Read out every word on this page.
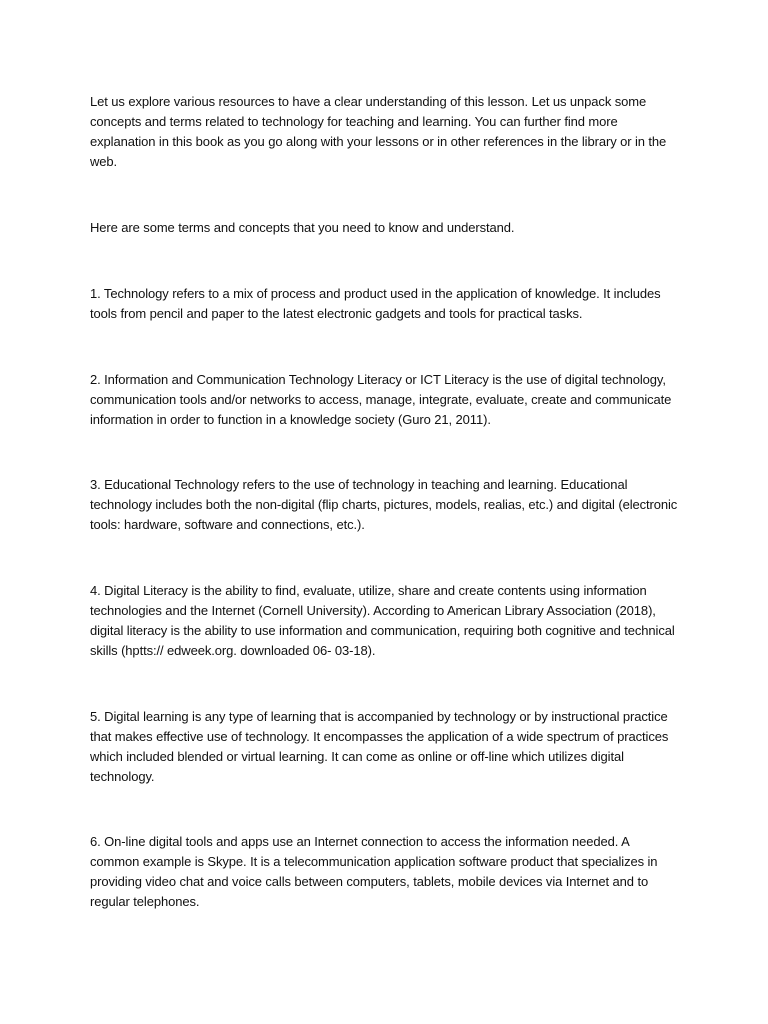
Let us explore various resources to have a clear understanding of this lesson. Let us unpack some concepts and terms related to technology for teaching and learning. You can further find more explanation in this book as you go along with your lessons or in other references in the library or in the web.

Here are some terms and concepts that you need to know and understand.

1. Technology refers to a mix of process and product used in the application of knowledge. It includes tools from pencil and paper to the latest electronic gadgets and tools for practical tasks.

2. Information and Communication Technology Literacy or ICT Literacy is the use of digital technology, communication tools and/or networks to access, manage, integrate, evaluate, create and communicate information in order to function in a knowledge society (Guro 21, 2011).

3. Educational Technology refers to the use of technology in teaching and learning. Educational technology includes both the non-digital (flip charts, pictures, models, realias, etc.) and digital (electronic tools: hardware, software and connections, etc.).

4. Digital Literacy is the ability to find, evaluate, utilize, share and create contents using information technologies and the Internet (Cornell University). According to American Library Association (2018), digital literacy is the ability to use information and communication, requiring both cognitive and technical skills (hptts:// edweek.org. downloaded 06- 03-18).

5. Digital learning is any type of learning that is accompanied by technology or by instructional practice that makes effective use of technology. It encompasses the application of a wide spectrum of practices which included blended or virtual learning. It can come as online or off-line which utilizes digital technology.

6. On-line digital tools and apps use an Internet connection to access the information needed. A common example is Skype. It is a telecommunication application software product that specializes in providing video chat and voice calls between computers, tablets, mobile devices via Internet and to regular telephones.
